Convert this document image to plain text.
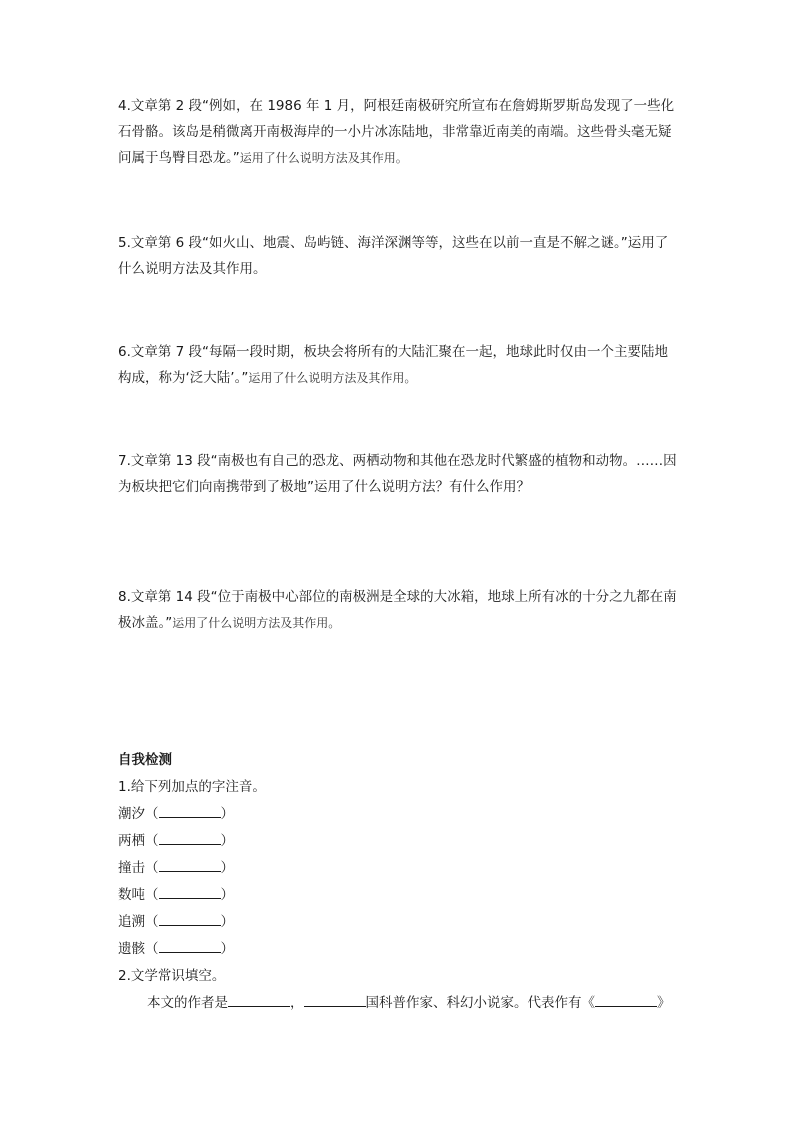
4.文章第 2 段“例如，在 1986 年 1 月，阿根廷南极研究所宣布在詹姆斯罗斯岛发现了一些化石骨骼。该岛是稍微离开南极海岸的一小片冰冻陆地，非常靠近南美的南端。这些骨头毫无疑问属于鸟臀目恐龙。”运用了什么说明方法及其作用。
5.文章第 6 段“如火山、地震、岛屿链、海洋深渊等等，这些在以前一直是不解之谜。”运用了什么说明方法及其作用。
6.文章第 7 段“每隔一段时期，板块会将所有的大陆汇聚在一起，地球此时仅由一个主要陆地构成，称为‘泛大陆’。”运用了什么说明方法及其作用。
7.文章第 13 段“南极也有自己的恐龙、两栖动物和其他在恐龙时代繁盛的植物和动物。……因为板块把它们向南携带到了极地”运用了什么说明方法？有什么作用？
8.文章第 14 段“位于南极中心部位的南极洲是全球的大冰箱，地球上所有冰的十分之九都在南极冰盖。”运用了什么说明方法及其作用。
自我检测
1.给下列加点的字注音。
潮汐（	）
两栖（	）
撞击（	）
数吨（	）
追溯（	）
遗骸（	）
2.文学常识填空。
本文的作者是	，	国科普作家、科幻小说家。代表作有《	》
